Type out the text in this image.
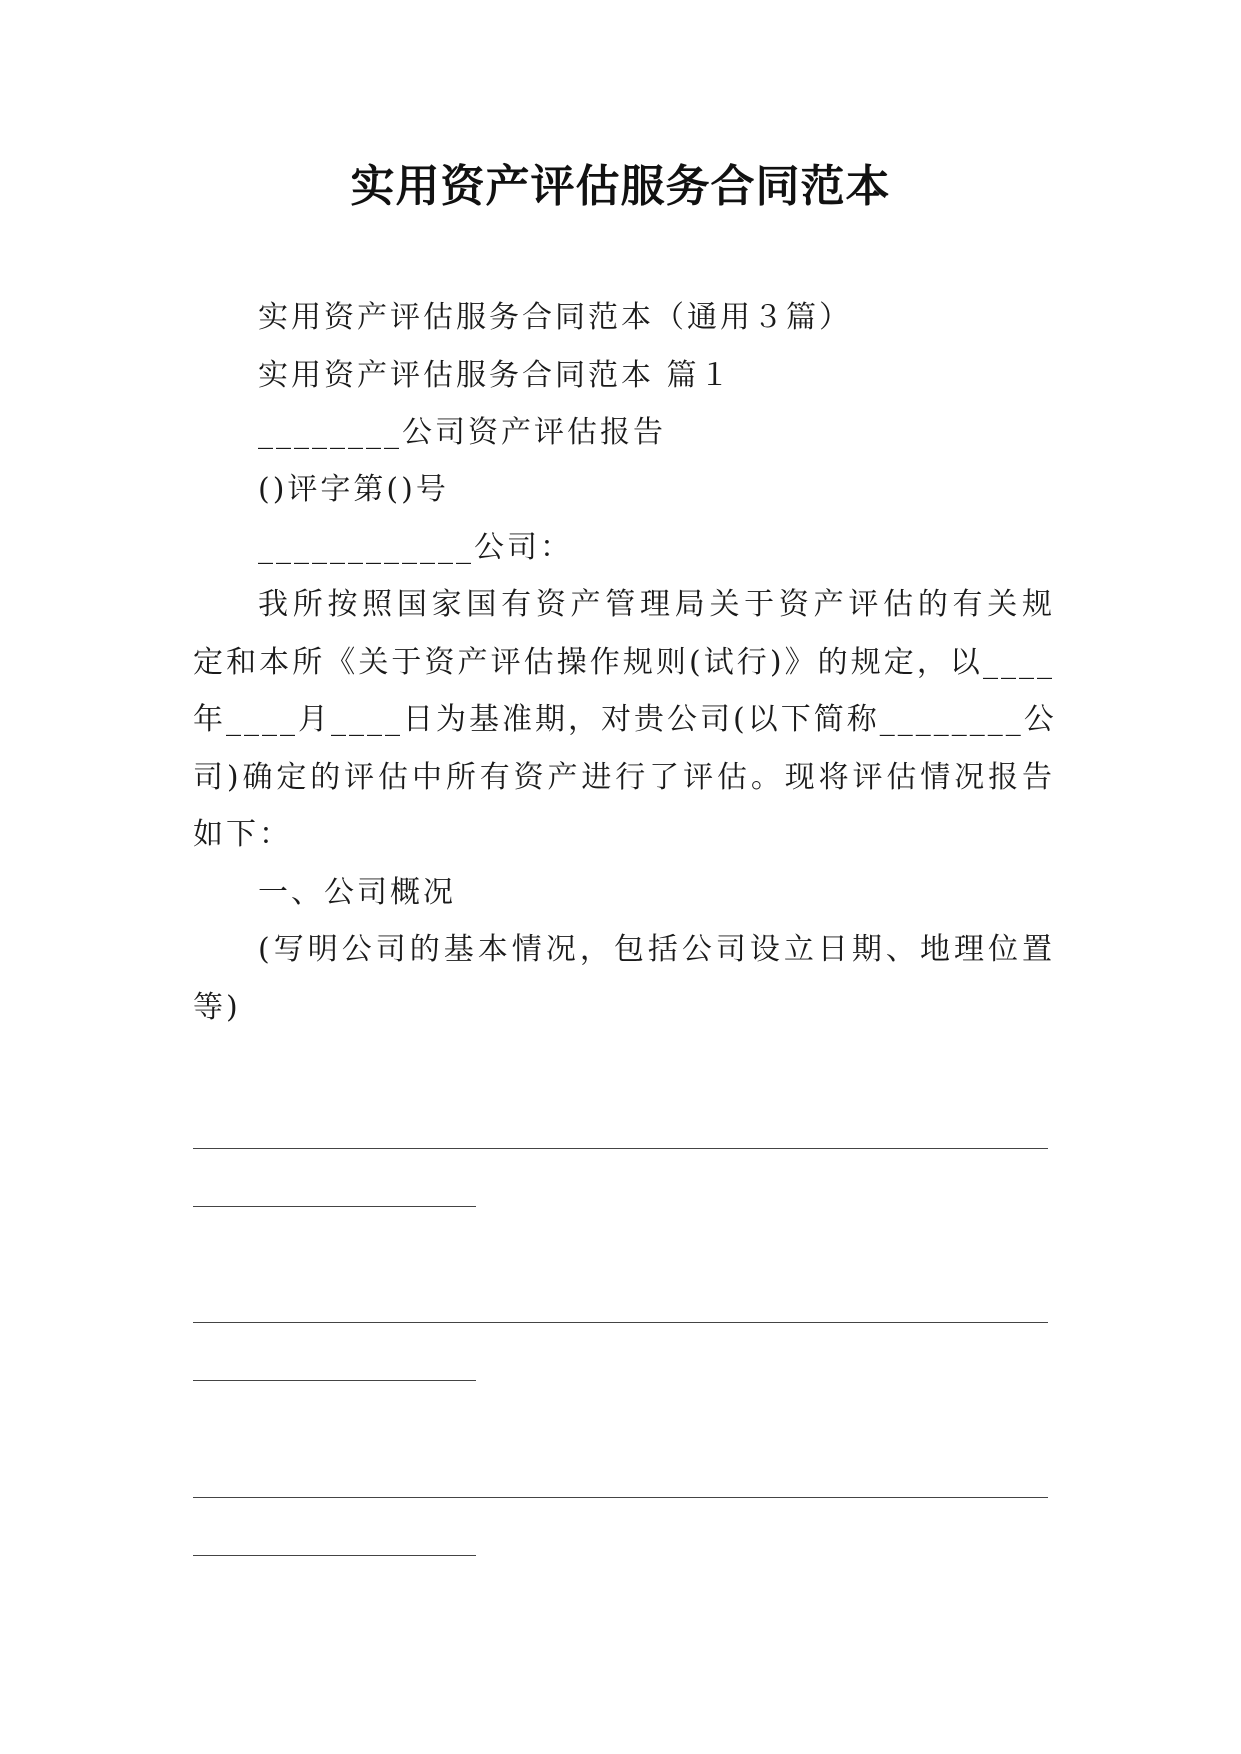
实用资产评估服务合同范本
实用资产评估服务合同范本（通用３篇）
实用资产评估服务合同范本 篇１
________公司资产评估报告
()评字第()号
____________公司：
我所按照国家国有资产管理局关于资产评估的有关规
定和本所《关于资产评估操作规则(试行)》的规定，以____
年____月____日为基准期，对贵公司(以下简称________公
司)确定的评估中所有资产进行了评估。现将评估情况报告
如下：
一、公司概况
(写明公司的基本情况，包括公司设立日期、地理位置
等)
